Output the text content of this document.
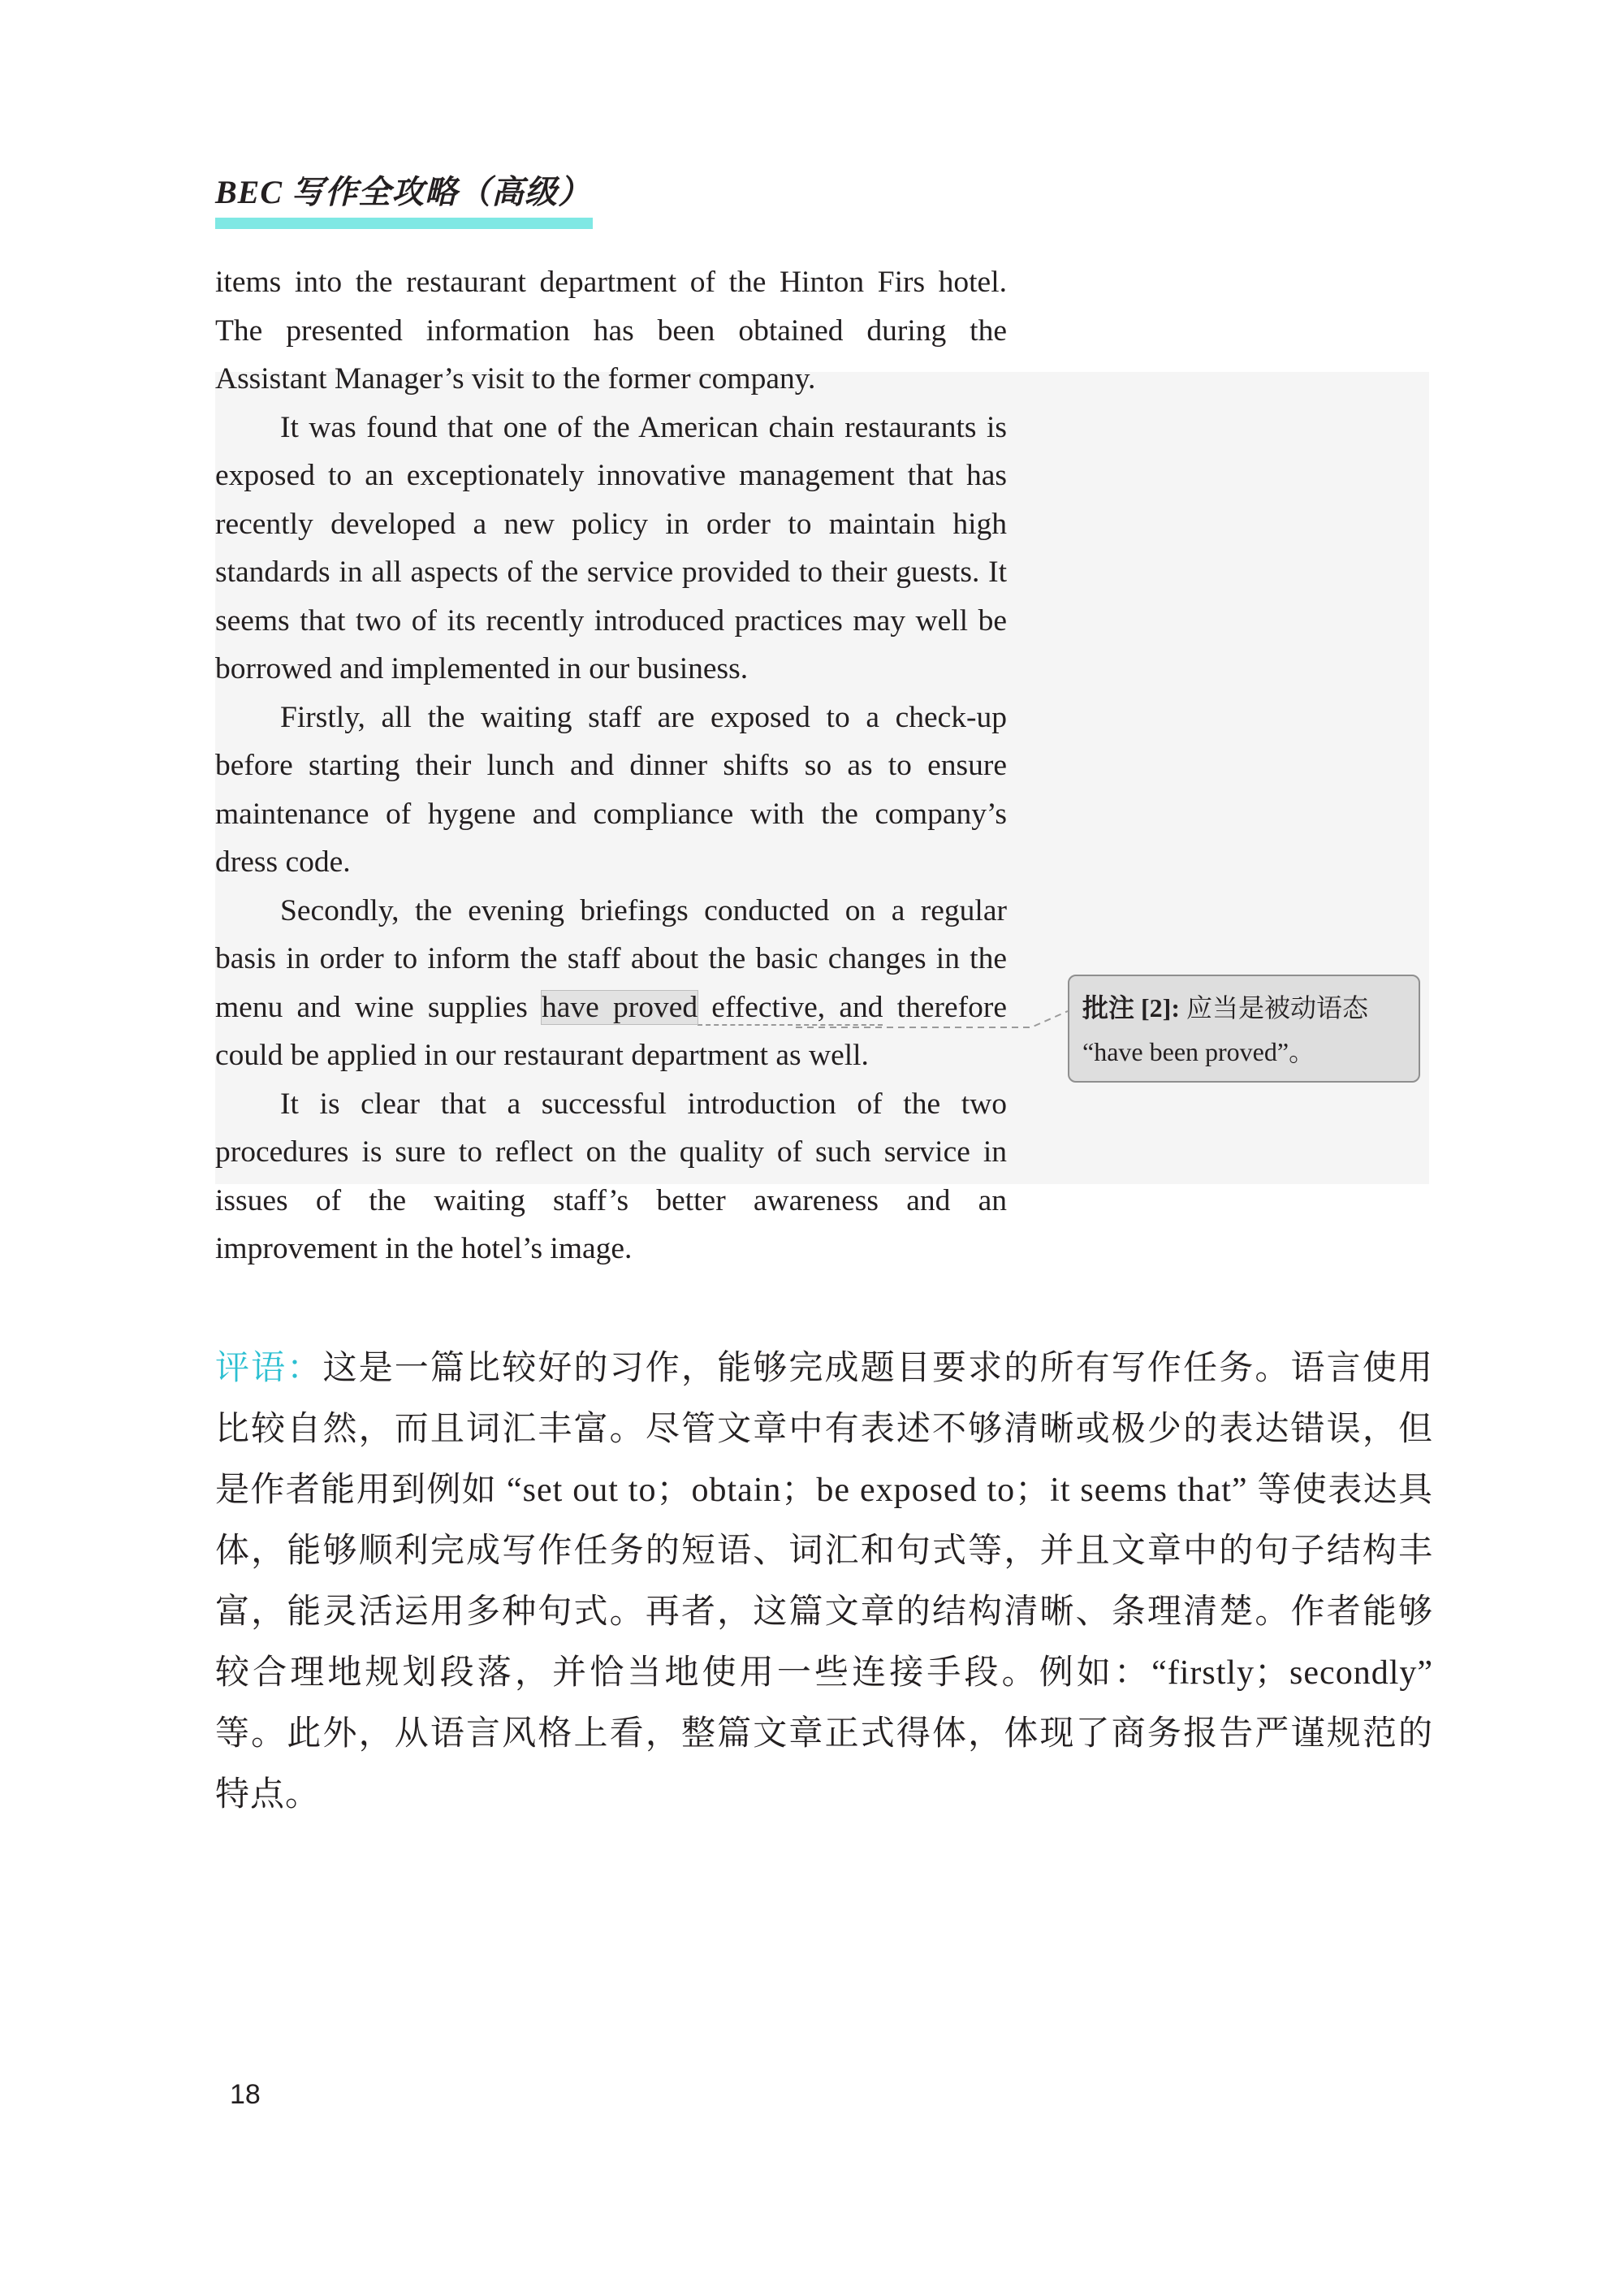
BEC 写作全攻略（高级）

items into the restaurant department of the Hinton Firs hotel. The presented information has been obtained during the Assistant Manager’s visit to the former company.

It was found that one of the American chain restaurants is exposed to an exceptionately innovative management that has recently developed a new policy in order to maintain high standards in all aspects of the service provided to their guests. It seems that two of its recently introduced practices may well be borrowed and implemented in our business.

Firstly, all the waiting staff are exposed to a check-up before starting their lunch and dinner shifts so as to ensure maintenance of hygene and compliance with the company’s dress code.

Secondly, the evening briefings conducted on a regular basis in order to inform the staff about the basic changes in the menu and wine supplies have proved effective, and therefore could be applied in our restaurant department as well.

It is clear that a successful introduction of the two procedures is sure to reflect on the quality of such service in issues of the waiting staff’s better awareness and an improvement in the hotel’s image.

批注 [2]: 应当是被动语态 “have been proved”。
评语：这是一篇比较好的习作，能够完成题目要求的所有写作任务。语言使用比较自然，而且词汇丰富。尽管文章中有表述不够清晰或极少的表达错误，但是作者能用到例如 “set out to；obtain；be exposed to；it seems that” 等使表达具体，能够顺利完成写作任务的短语、词汇和句式等，并且文章中的句子结构丰富，能灵活运用多种句式。再者，这篇文章的结构清晰、条理清楚。作者能够较合理地规划段落，并恰当地使用一些连接手段。例如：“firstly；secondly” 等。此外，从语言风格上看，整篇文章正式得体，体现了商务报告严谨规范的特点。
18
